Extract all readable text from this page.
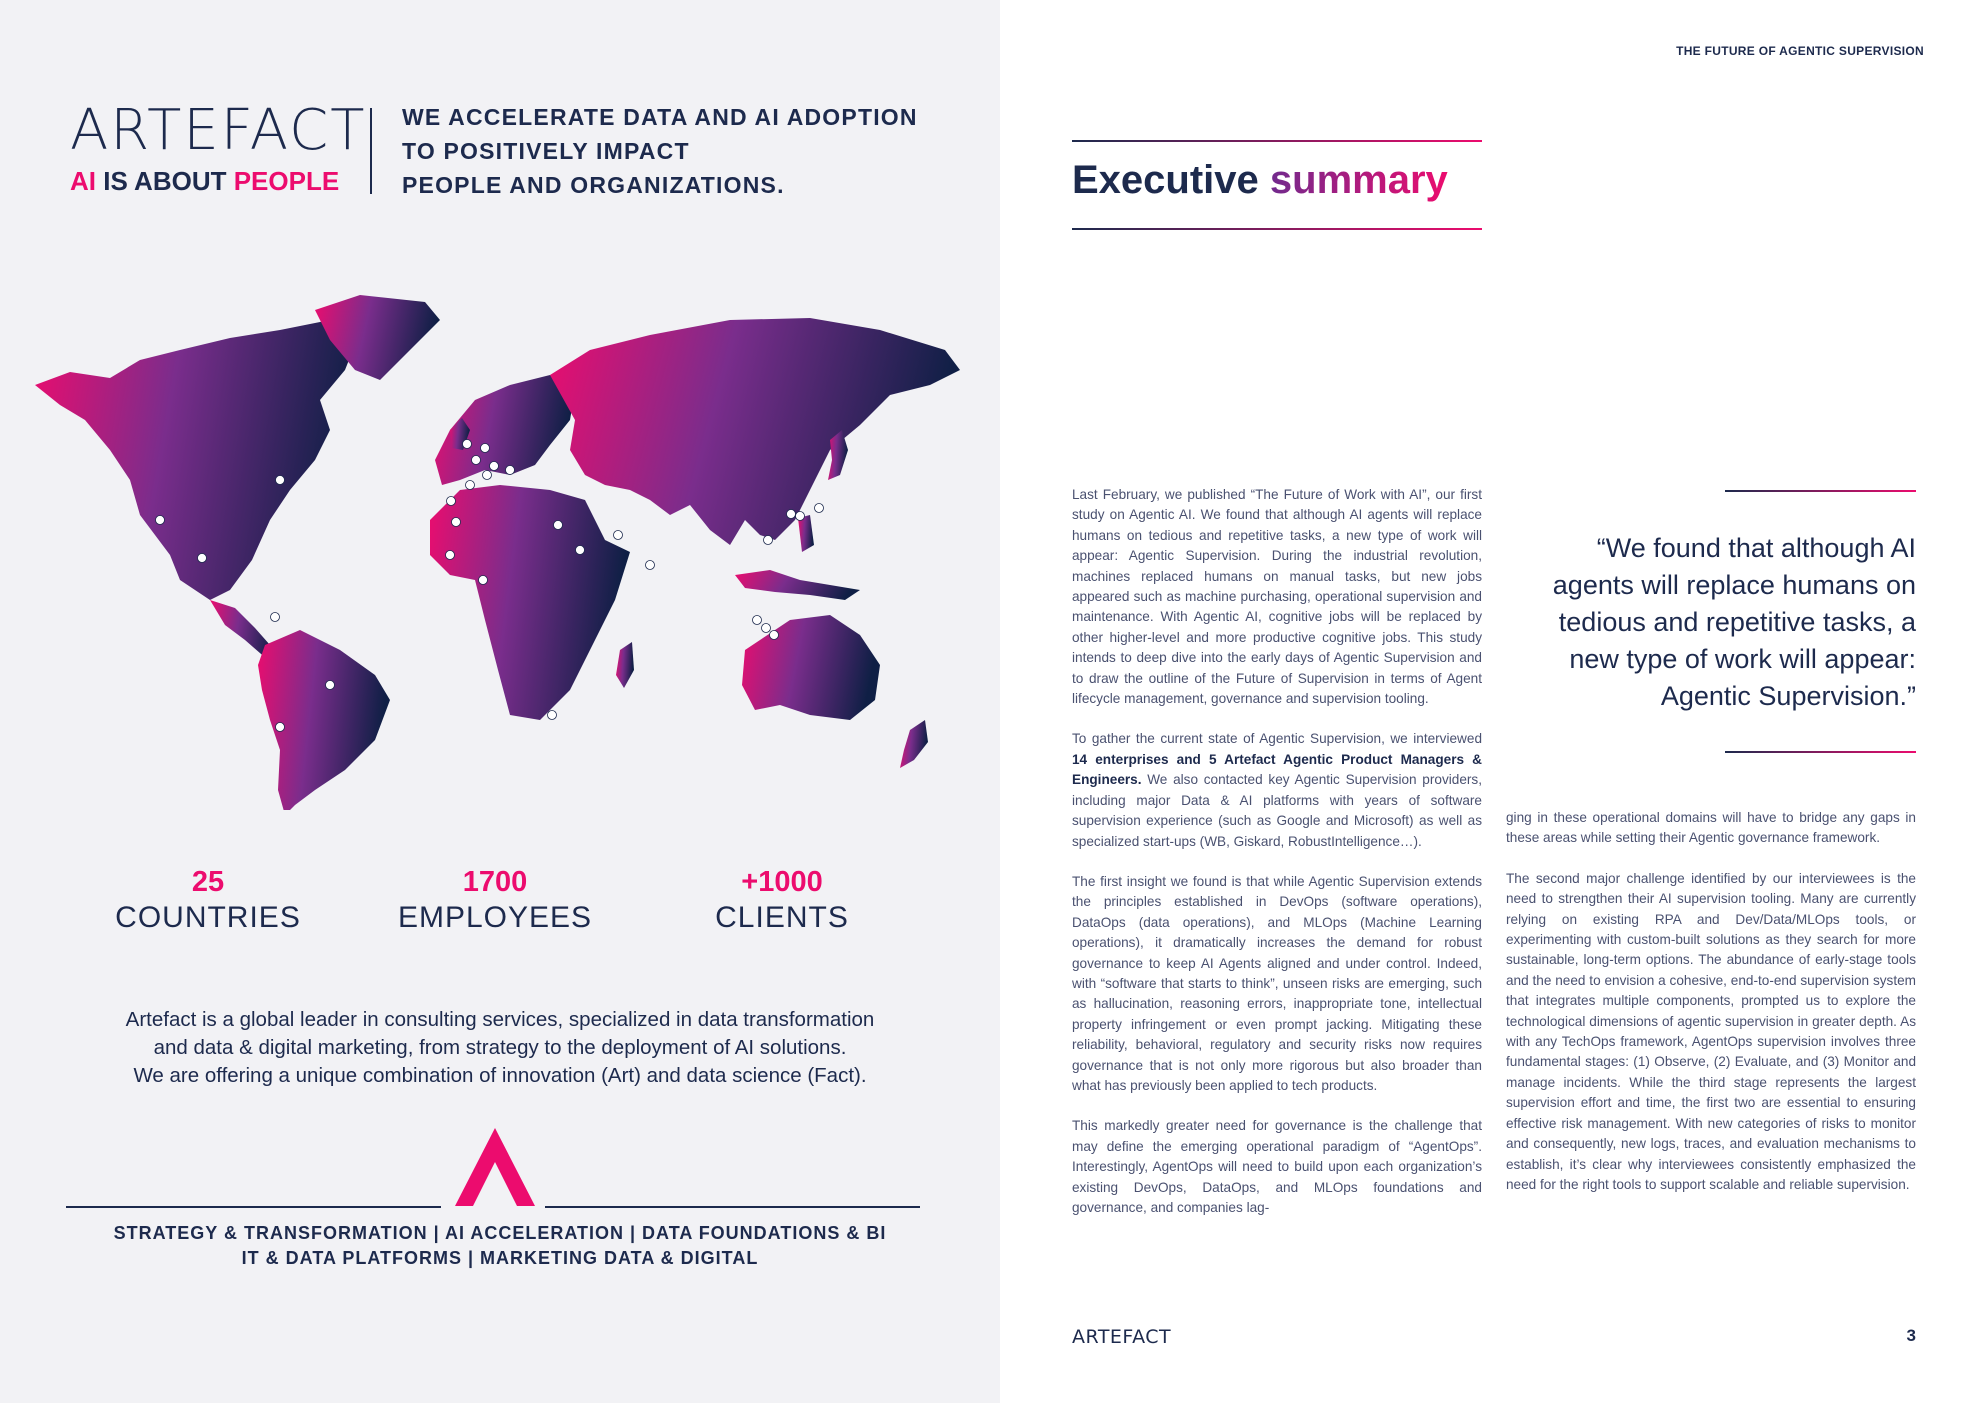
ARTEFACT
AI IS ABOUT PEOPLE
WE ACCELERATE DATA AND AI ADOPTION
TO POSITIVELY IMPACT
PEOPLE AND ORGANIZATIONS.
25
COUNTRIES
1700
EMPLOYEES
+1000
CLIENTS
Artefact is a global leader in consulting services, specialized in data transformation
and data & digital marketing, from strategy to the deployment of AI solutions.
We are offering a unique combination of innovation (Art) and data science (Fact).
STRATEGY & TRANSFORMATION | AI ACCELERATION | DATA FOUNDATIONS & BI
IT & DATA PLATFORMS | MARKETING DATA & DIGITAL
THE FUTURE OF AGENTIC SUPERVISION
Executive summary

Last February, we published “The Future of Work with AI”, our first study on Agentic AI. We found that although AI agents will replace humans on tedious and repetitive tasks, a new type of work will appear: Agentic Supervision. During the industrial revolution, machines replaced humans on manual tasks, but new jobs appeared such as machine purchasing, operational supervision and maintenance. With Agentic AI, cognitive jobs will be replaced by other higher-level and more productive cognitive jobs. This study intends to deep dive into the early days of Agentic Supervision and to draw the outline of the Future of Supervision in terms of Agent lifecycle management, governance and supervision tooling.

To gather the current state of Agentic Supervision, we interviewed 14 enterprises and 5 Artefact Agentic Product Managers & Engineers. We also contacted key Agentic Supervision providers, including major Data & AI platforms with years of software supervision experience (such as Google and Microsoft) as well as specialized start-ups (WB, Giskard, RobustIntelligence…).

The first insight we found is that while Agentic Supervision extends the principles established in DevOps (software operations), DataOps (data operations), and MLOps (Machine Learning operations), it dramatically increases the demand for robust governance to keep AI Agents aligned and under control. Indeed, with “software that starts to think”, unseen risks are emerging, such as hallucination, reasoning errors, inappropriate tone, intellectual property infringement or even prompt jacking. Mitigating these reliability, behavioral, regulatory and security risks now requires governance that is not only more rigorous but also broader than what has previously been applied to tech products.

This markedly greater need for governance is the challenge that may define the emerging operational paradigm of “AgentOps”. Interestingly, AgentOps will need to build upon each organization’s existing DevOps, DataOps, and MLOps foundations and governance, and companies lag-

“We found that although AI
agents will replace humans on
tedious and repetitive tasks, a
new type of work will appear:
Agentic Supervision.”

ging in these operational domains will have to bridge any gaps in these areas while setting their Agentic governance framework.

The second major challenge identified by our interviewees is the need to strengthen their AI supervision tooling. Many are currently relying on existing RPA and Dev/Data/MLOps tools, or experimenting with custom-built solutions as they search for more sustainable, long-term options. The abundance of early-stage tools and the need to envision a cohesive, end-to-end supervision system that integrates multiple components, prompted us to explore the technological dimensions of agentic supervision in greater depth. As with any TechOps framework, AgentOps supervision involves three fundamental stages: (1) Observe, (2) Evaluate, and (3) Monitor and manage incidents. While the third stage represents the largest supervision effort and time, the first two are essential to ensuring effective risk management. With new categories of risks to monitor and consequently, new logs, traces, and evaluation mechanisms to establish, it’s clear why interviewees consistently emphasized the need for the right tools to support scalable and reliable supervision.

ARTEFACT	3
